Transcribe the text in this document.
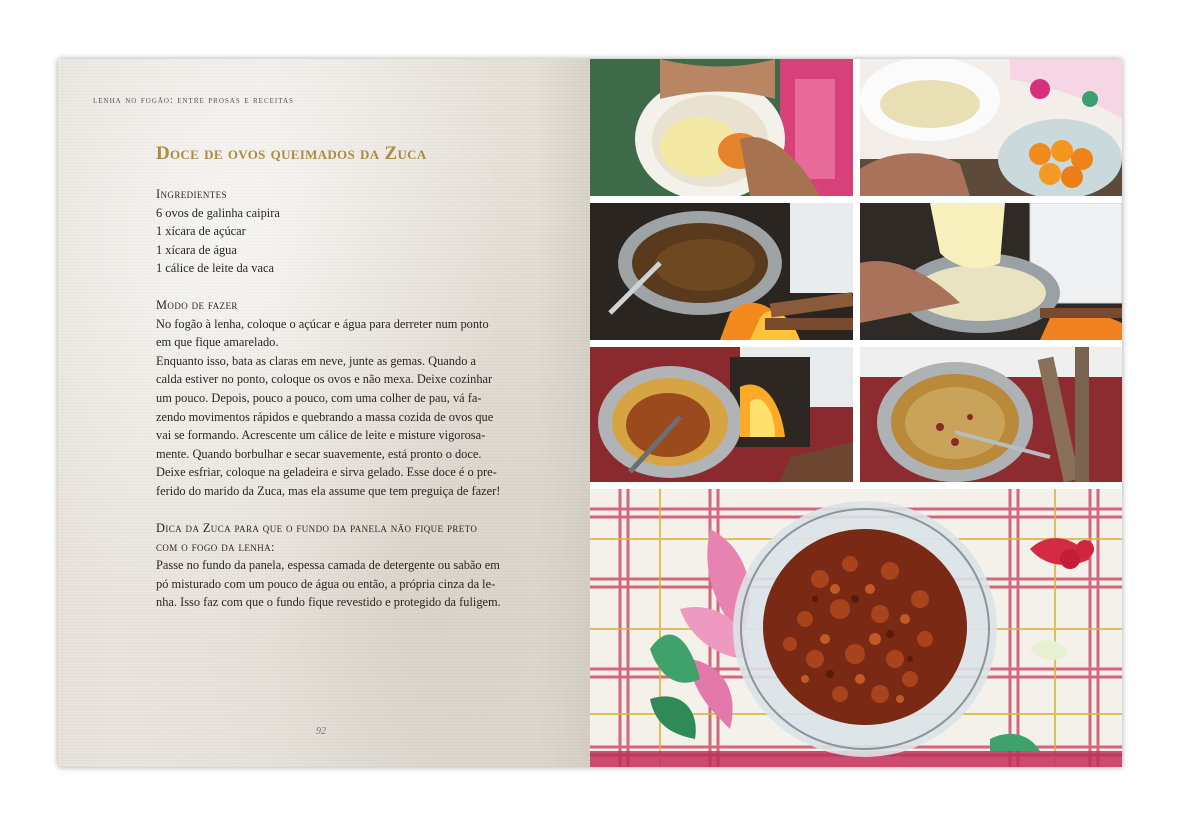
lenha no fogão: entre prosas e receitas
Doce de ovos queimados da Zuca
Ingredientes
6 ovos de galinha caipira
1 xícara de açúcar
1 xícara de água
1 cálice de leite da vaca
Modo de fazer
No fogão à lenha, coloque o açúcar e água para derreter num ponto
em que fique amarelado.
Enquanto isso, bata as claras em neve, junte as gemas. Quando a
calda estiver no ponto, coloque os ovos e não mexa. Deixe cozinhar
um pouco. Depois, pouco a pouco, com uma colher de pau, vá fa-
zendo movimentos rápidos e quebrando a massa cozida de ovos que
vai se formando. Acrescente um cálice de leite e misture vigorosa-
mente. Quando borbulhar e secar suavemente, está pronto o doce.
Deixe esfriar, coloque na geladeira e sirva gelado. Esse doce é o pre-
ferido do marido da Zuca, mas ela assume que tem preguiça de fazer!
Dica da Zuca para que o fundo da panela não fique preto
com o fogo da lenha:
Passe no fundo da panela, espessa camada de detergente ou sabão em
pó misturado com um pouco de água ou então, a própria cinza da le-
nha. Isso faz com que o fundo fique revestido e protegido da fuligem.
92
